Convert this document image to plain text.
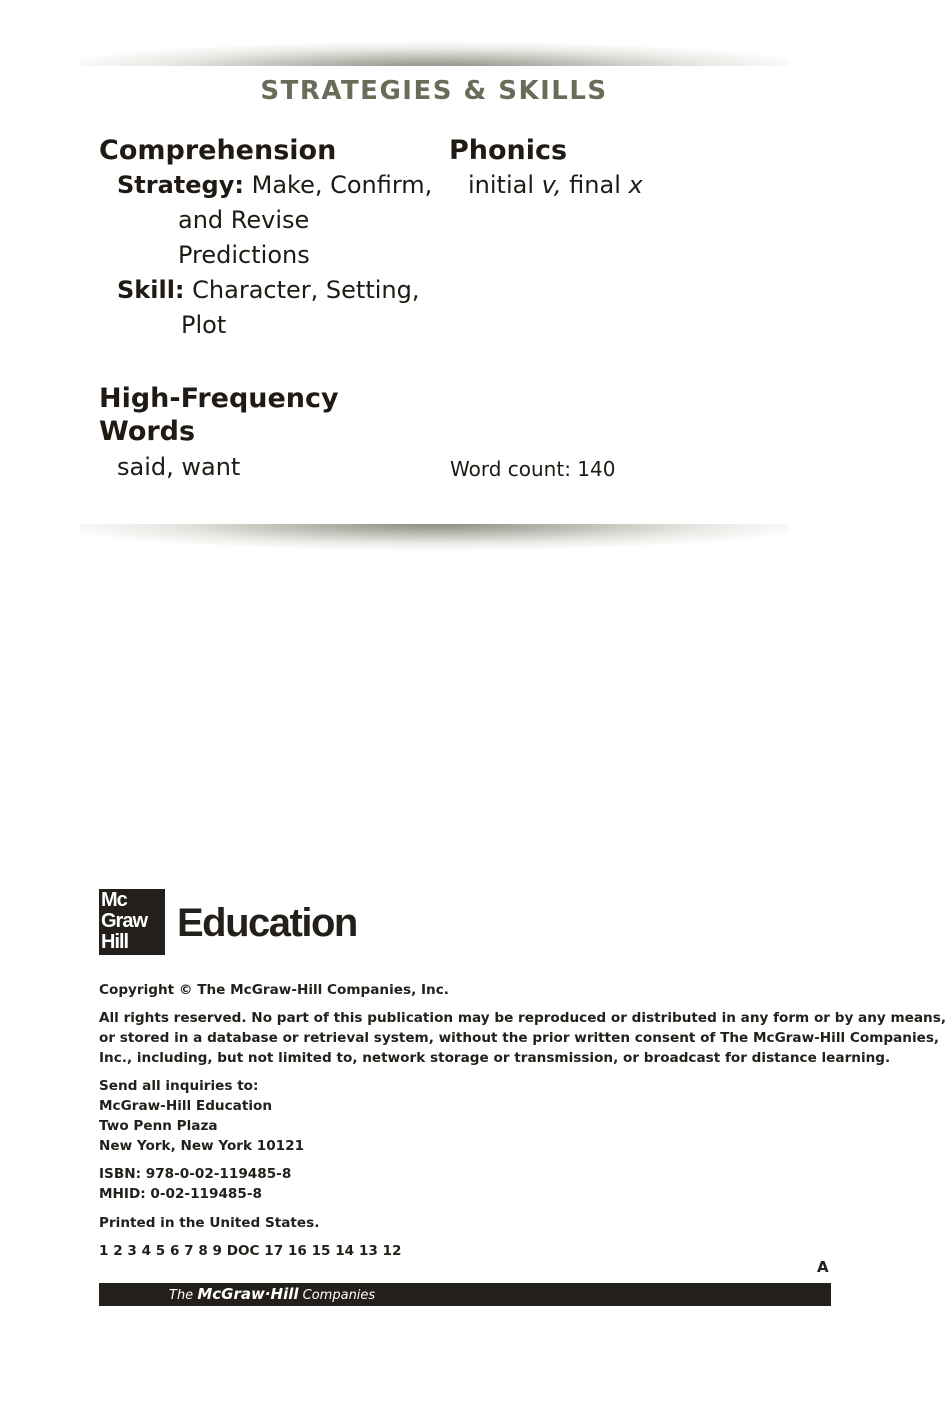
STRATEGIES & SKILLS
Comprehension
Strategy: Make, Confirm,
and Revise
Predictions
Skill: Character, Setting,
Plot
Phonics
initial v, final x
High-Frequency
Words
said, want	Word count: 140
Mc
Graw
Hill	Education
Copyright © The McGraw-Hill Companies, Inc.
All rights reserved. No part of this publication may be reproduced or distributed in any form or by any means,
or stored in a database or retrieval system, without the prior written consent of The McGraw-Hill Companies,
Inc., including, but not limited to, network storage or transmission, or broadcast for distance learning.
Send all inquiries to:
McGraw-Hill Education
Two Penn Plaza
New York, New York 10121
ISBN: 978-0-02-119485-8
MHID: 0-02-119485-8
Printed in the United States.
1 2 3 4 5 6 7 8 9 DOC 17 16 15 14 13 12
A
The McGraw·Hill Companies
